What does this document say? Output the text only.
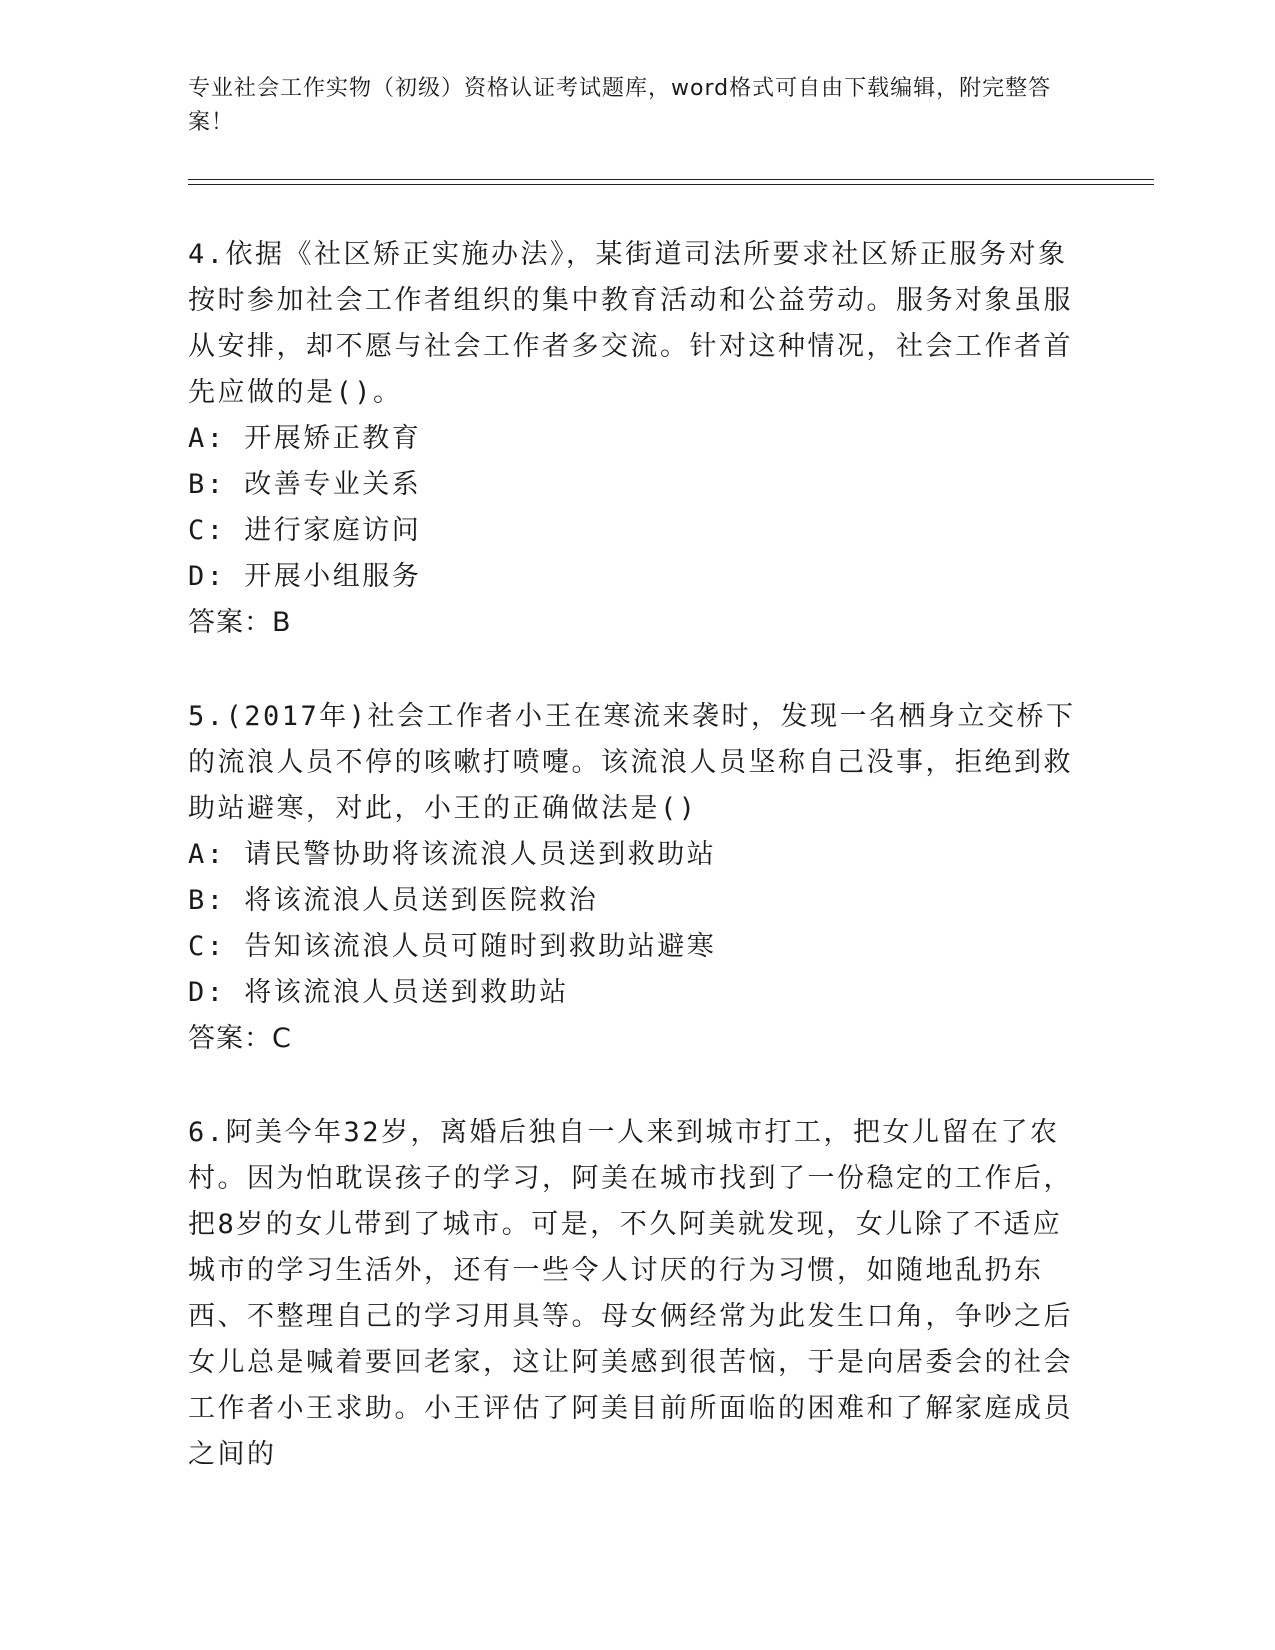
专业社会工作实物（初级）资格认证考试题库，word格式可自由下载编辑，附完整答案！

4.依据《社区矫正实施办法》，某街道司法所要求社区矫正服务对象按时参加社会工作者组织的集中教育活动和公益劳动。服务对象虽服从安排，却不愿与社会工作者多交流。针对这种情况，社会工作者首先应做的是()。

A: 开展矫正教育
B: 改善专业关系
C: 进行家庭访问
D: 开展小组服务
答案：B

5.(2017年)社会工作者小王在寒流来袭时，发现一名栖身立交桥下的流浪人员不停的咳嗽打喷嚏。该流浪人员坚称自己没事，拒绝到救助站避寒，对此，小王的正确做法是()

A: 请民警协助将该流浪人员送到救助站
B: 将该流浪人员送到医院救治
C: 告知该流浪人员可随时到救助站避寒
D: 将该流浪人员送到救助站
答案：C

6.阿美今年32岁，离婚后独自一人来到城市打工，把女儿留在了农村。因为怕耽误孩子的学习，阿美在城市找到了一份稳定的工作后，把8岁的女儿带到了城市。可是，不久阿美就发现，女儿除了不适应城市的学习生活外，还有一些令人讨厌的行为习惯，如随地乱扔东西、不整理自己的学习用具等。母女俩经常为此发生口角，争吵之后女儿总是喊着要回老家，这让阿美感到很苦恼，于是向居委会的社会工作者小王求助。小王评估了阿美目前所面临的困难和了解家庭成员之间的
